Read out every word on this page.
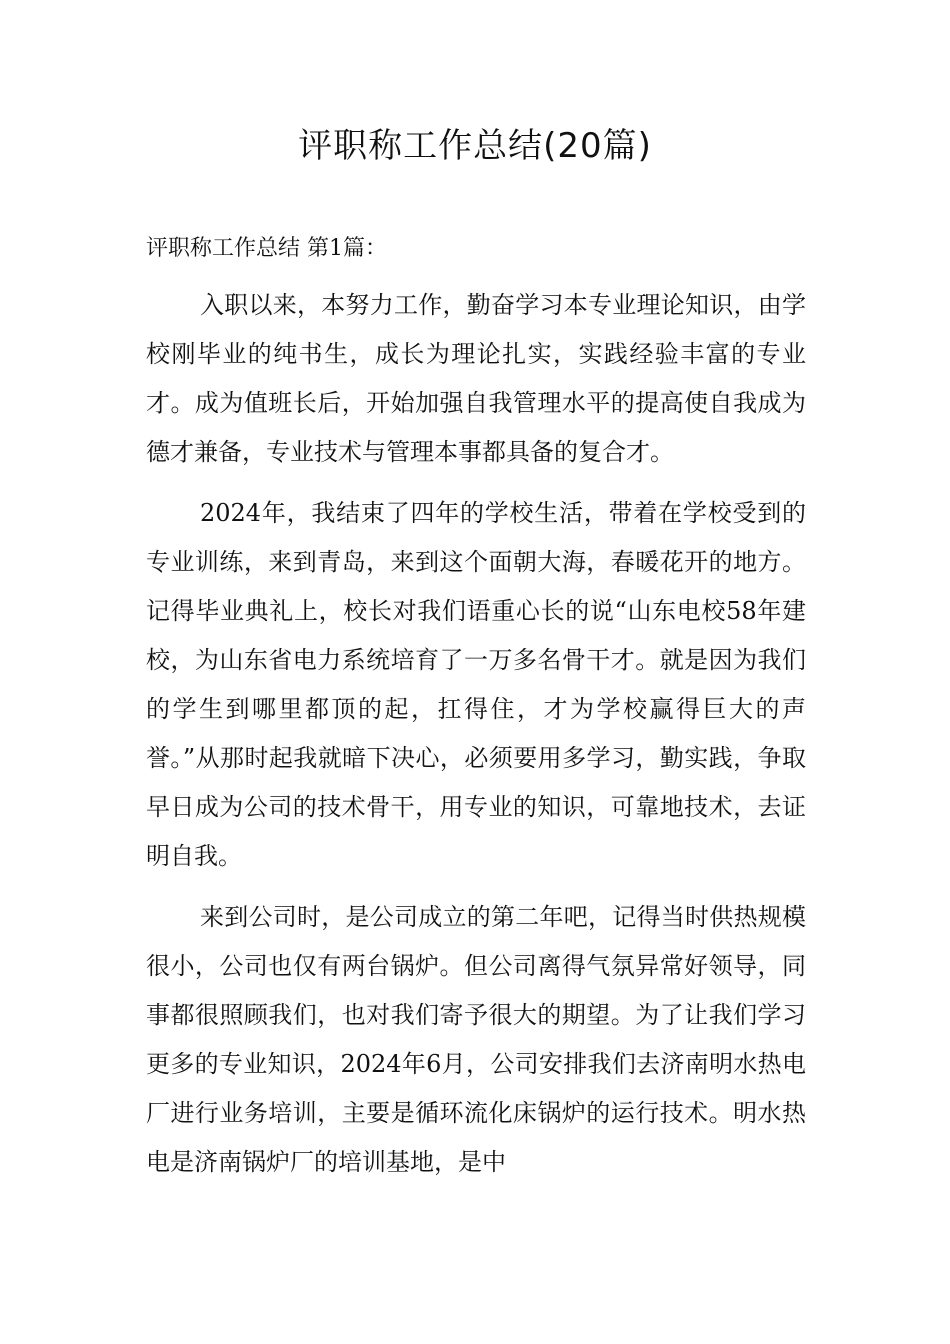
评职称工作总结(20篇)

评职称工作总结 第1篇：

入职以来，本努力工作，勤奋学习本专业理论知识，由学校刚毕业的纯书生，成长为理论扎实，实践经验丰富的专业才。成为值班长后，开始加强自我管理水平的提高使自我成为德才兼备，专业技术与管理本事都具备的复合才。

2024年，我结束了四年的学校生活，带着在学校受到的专业训练，来到青岛，来到这个面朝大海，春暖花开的地方。记得毕业典礼上，校长对我们语重心长的说“山东电校58年建校，为山东省电力系统培育了一万多名骨干才。就是因为我们的学生到哪里都顶的起，扛得住，才为学校赢得巨大的声誉。”从那时起我就暗下决心，必须要用多学习，勤实践，争取早日成为公司的技术骨干，用专业的知识，可靠地技术，去证明自我。

来到公司时，是公司成立的第二年吧，记得当时供热规模很小，公司也仅有两台锅炉。但公司离得气氛异常好领导，同事都很照顾我们，也对我们寄予很大的期望。为了让我们学习更多的专业知识，2024年6月，公司安排我们去济南明水热电厂进行业务培训，主要是循环流化床锅炉的运行技术。明水热电是济南锅炉厂的培训基地，是中
